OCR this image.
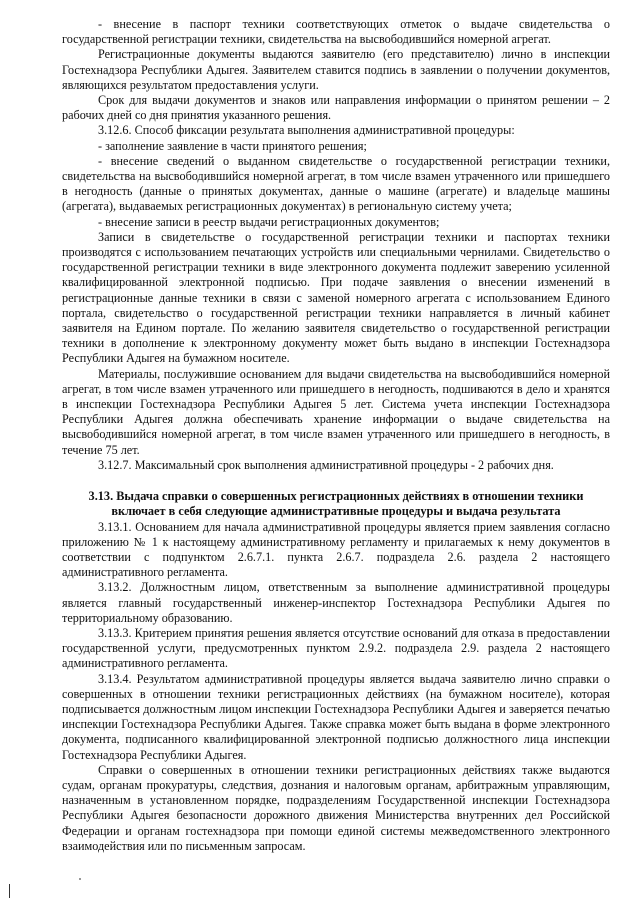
- внесение в паспорт техники соответствующих отметок о выдаче свидетельства о государственной регистрации техники, свидетельства на высвободившийся номерной агрегат.

Регистрационные документы выдаются заявителю (его представителю) лично в инспекции Гостехнадзора Республики Адыгея. Заявителем ставится подпись в заявлении о получении документов, являющихся результатом предоставления услуги.

Срок для выдачи документов и знаков или направления информации о принятом решении – 2 рабочих дней со дня принятия указанного решения.

3.12.6. Способ фиксации результата выполнения административной процедуры:

- заполнение заявление в части принятого решения;

- внесение сведений о выданном свидетельстве о государственной регистрации техники, свидетельства на высвободившийся номерной агрегат, в том числе взамен утраченного или пришедшего в негодность (данные о принятых документах, данные о машине (агрегате) и владельце машины (агрегата), выдаваемых регистрационных документах) в региональную систему учета;

- внесение записи в реестр выдачи регистрационных документов;

Записи в свидетельстве о государственной регистрации техники и паспортах техники производятся с использованием печатающих устройств или специальными чернилами. Свидетельство о государственной регистрации техники в виде электронного документа подлежит заверению усиленной квалифицированной электронной подписью. При подаче заявления о внесении изменений в регистрационные данные техники в связи с заменой номерного агрегата с использованием Единого портала, свидетельство о государственной регистрации техники направляется в личный кабинет заявителя на Едином портале. По желанию заявителя свидетельство о государственной регистрации техники в дополнение к электронному документу может быть выдано в инспекции Гостехнадзора Республики Адыгея на бумажном носителе.

Материалы, послужившие основанием для выдачи свидетельства на высвободившийся номерной агрегат, в том числе взамен утраченного или пришедшего в негодность, подшиваются в дело и хранятся в инспекции Гостехнадзора Республики Адыгея 5 лет. Система учета инспекции Гостехнадзора Республики Адыгея должна обеспечивать хранение информации о выдаче свидетельства на высвободившийся номерной агрегат, в том числе взамен утраченного или пришедшего в негодность, в течение 75 лет.

3.12.7. Максимальный срок выполнения административной процедуры - 2 рабочих дня.

3.13. Выдача справки о совершенных регистрационных действиях в отношении техники включает в себя следующие административные процедуры и выдача результата

3.13.1. Основанием для начала административной процедуры является прием заявления согласно приложению № 1 к настоящему административному регламенту и прилагаемых к нему документов в соответствии с подпунктом 2.6.7.1. пункта 2.6.7. подраздела 2.6. раздела 2 настоящего административного регламента.

3.13.2. Должностным лицом, ответственным за выполнение административной процедуры является главный государственный инженер-инспектор Гостехнадзора Республики Адыгея по территориальному образованию.

3.13.3. Критерием принятия решения является отсутствие оснований для отказа в предоставлении государственной услуги, предусмотренных пунктом 2.9.2. подраздела 2.9. раздела 2 настоящего административного регламента.

3.13.4. Результатом административной процедуры является выдача заявителю лично справки о совершенных в отношении техники регистрационных действиях (на бумажном носителе), которая подписывается должностным лицом инспекции Гостехнадзора Республики Адыгея и заверяется печатью инспекции Гостехнадзора Республики Адыгея. Также справка может быть выдана в форме электронного документа, подписанного квалифицированной электронной подписью должностного лица инспекции Гостехнадзора Республики Адыгея.

Справки о совершенных в отношении техники регистрационных действиях также выдаются судам, органам прокуратуры, следствия, дознания и налоговым органам, арбитражным управляющим, назначенным в установленном порядке, подразделениям Государственной инспекции Гостехнадзора Республики Адыгея безопасности дорожного движения Министерства внутренних дел Российской Федерации и органам гостехнадзора при помощи единой системы межведомственного электронного взаимодействия или по письменным запросам.
